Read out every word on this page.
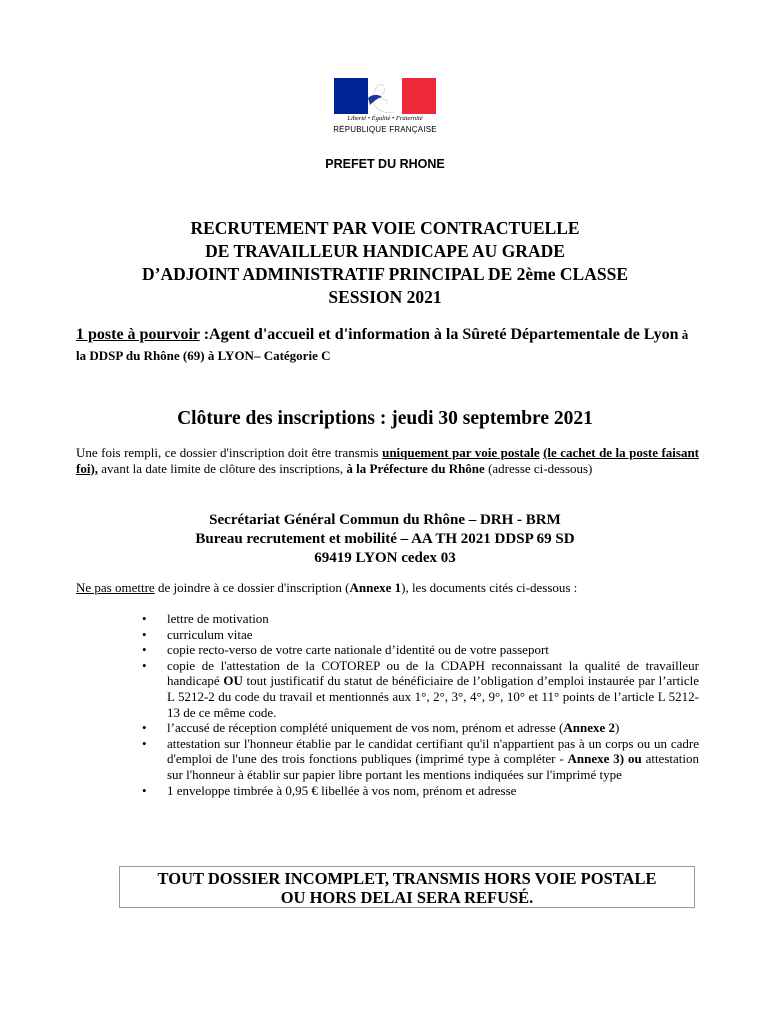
Liberté • Égalité • Fraternité
RÉPUBLIQUE FRANÇAISE
PREFET DU RHONE
RECRUTEMENT PAR VOIE CONTRACTUELLE
DE TRAVAILLEUR HANDICAPE AU GRADE
D’ADJOINT ADMINISTRATIF PRINCIPAL DE 2ème CLASSE
SESSION 2021
1 poste à pourvoir :Agent d'accueil et d'information à la Sûreté Départementale de Lyon à la DDSP du Rhône (69) à LYON– Catégorie C
Clôture des inscriptions : jeudi 30 septembre 2021
Une fois rempli, ce dossier d'inscription doit être transmis uniquement par voie postale (le cachet de la poste faisant foi), avant la date limite de clôture des inscriptions, à la Préfecture du Rhône (adresse ci-dessous)
Secrétariat Général Commun du Rhône – DRH - BRM
Bureau recrutement et mobilité – AA TH 2021 DDSP 69 SD
69419 LYON cedex 03
Ne pas omettre de joindre à ce dossier d'inscription (Annexe 1), les documents cités ci-dessous :
• lettre de motivation
• curriculum vitae
• copie recto-verso de votre carte nationale d’identité ou de votre passeport
• copie de l'attestation de la COTOREP ou de la CDAPH reconnaissant la qualité de travailleur handicapé OU tout justificatif du statut de bénéficiaire de l’obligation d’emploi instaurée par l’article L 5212-2 du code du travail et mentionnés aux 1°, 2°, 3°, 4°, 9°, 10° et 11° points de l’article L 5212-13 de ce même code.
• l’accusé de réception complété uniquement de vos nom, prénom et adresse (Annexe 2)
• attestation sur l'honneur établie par le candidat certifiant qu'il n'appartient pas à un corps ou un cadre d'emploi de l'une des trois fonctions publiques (imprimé type à compléter - Annexe 3) ou attestation sur l'honneur à établir sur papier libre portant les mentions indiquées sur l'imprimé type
• 1 enveloppe timbrée à 0,95 € libellée à vos nom, prénom et adresse
TOUT DOSSIER INCOMPLET, TRANSMIS HORS VOIE POSTALE
OU HORS DELAI SERA REFUSÉ.
